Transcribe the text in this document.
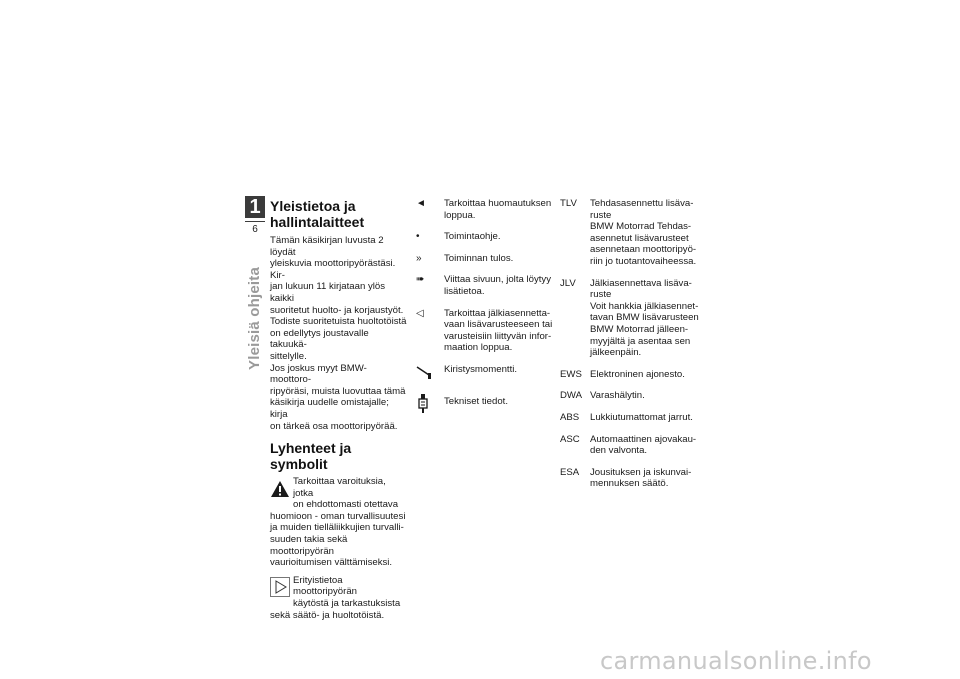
1
6
Yleisiä ohjeita
Yleistietoa ja
hallintalaitteet

Tämän käsikirjan luvusta 2 löydät
yleiskuvia moottoripyörästäsi. Kir-
jan lukuun 11 kirjataan ylös kaikki
suoritetut huolto- ja korjaustyöt.
Todiste suoritetuista huoltotöistä
on edellytys joustavalle takuukä-
sittelylle.
Jos joskus myyt BMW-moottoro-
ripyöräsi, muista luovuttaa tämä
käsikirja uudelle omistajalle; kirja
on tärkeä osa moottoripyörää.

Lyhenteet ja symbolit

Tarkoittaa varoituksia, jotka
on ehdottomasti otettava

huomioon - oman turvallisuutesi
ja muiden tielläliikkujien turvalli-
suuden takia sekä moottoripyörän
vaurioitumisen välttämiseksi.

Erityistietoa moottoripyörän
käytöstä ja tarkastuksista

sekä säätö- ja huoltotöistä.

◄	Tarkoittaa huomautuksen
loppua.
•	Toimintaohje.
»	Toiminnan tulos.
➠	Viittaa sivuun, jolta löytyy
lisätietoa.
◁	Tarkoittaa jälkiasennetta-
vaan lisävarusteeseen tai
varusteisiin liittyvän infor-
maation loppua.
Kiristysmomentti.
Tekniset tiedot.
TLV	Tehdasasennettu lisäva-
ruste
BMW Motorrad Tehdas-
asennetut lisävarusteet
asennetaan moottoripyö-
riin jo tuotantovaiheessa.
JLV	Jälkiasennettava lisäva-
ruste
Voit hankkia jälkiasennet-
tavan BMW lisävarusteen
BMW Motorrad jälleen-
myyjältä ja asentaa sen
jälkeenpäin.
EWS Elektroninen ajonesto.
DWA Varashälytin.
ABS	Lukkiutumattomat jarrut.
ASC	Automaattinen ajovakau-
den valvonta.
ESA	Jousituksen ja iskunvai-
mennuksen säätö.
carmanualsonline.info
